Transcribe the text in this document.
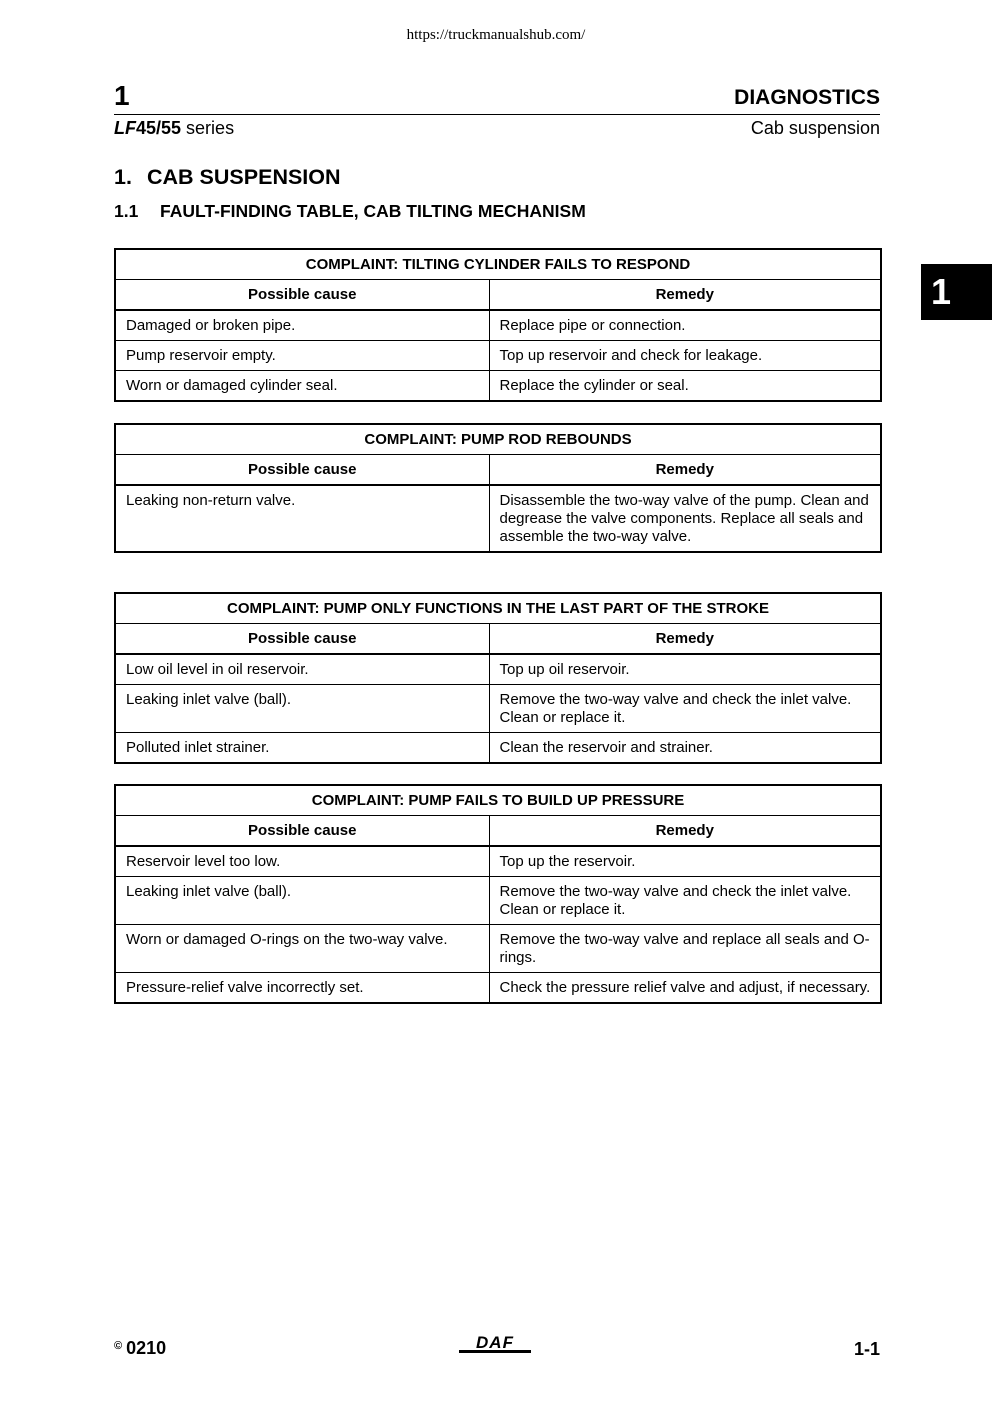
https://truckmanualshub.com/
1	DIAGNOSTICS
LF45/55 series	Cab suspension
1. CAB SUSPENSION
1.1 FAULT-FINDING TABLE, CAB TILTING MECHANISM
1
COMPLAINT: TILTING CYLINDER FAILS TO RESPOND	
Possible cause	Remedy
Damaged or broken pipe.	Replace pipe or connection.
Pump reservoir empty.	Top up reservoir and check for leakage.
Worn or damaged cylinder seal.	Replace the cylinder or seal.
COMPLAINT: PUMP ROD REBOUNDS	
Possible cause	Remedy
Leaking non-return valve.	Disassemble the two-way valve of the pump. Clean and degrease the valve components. Replace all seals and assemble the two-way valve.
COMPLAINT: PUMP ONLY FUNCTIONS IN THE LAST PART OF THE STROKE	
Possible cause	Remedy
Low oil level in oil reservoir.	Top up oil reservoir.
Leaking inlet valve (ball).	Remove the two-way valve and check the inlet valve. Clean or replace it.
Polluted inlet strainer.	Clean the reservoir and strainer.
COMPLAINT: PUMP FAILS TO BUILD UP PRESSURE	
Possible cause	Remedy
Reservoir level too low.	Top up the reservoir.
Leaking inlet valve (ball).	Remove the two-way valve and check the inlet valve. Clean or replace it.
Worn or damaged O-rings on the two-way valve.	Remove the two-way valve and replace all seals and O-rings.
Pressure-relief valve incorrectly set.	Check the pressure relief valve and adjust, if necessary.
© 0210	DAF	1-1
